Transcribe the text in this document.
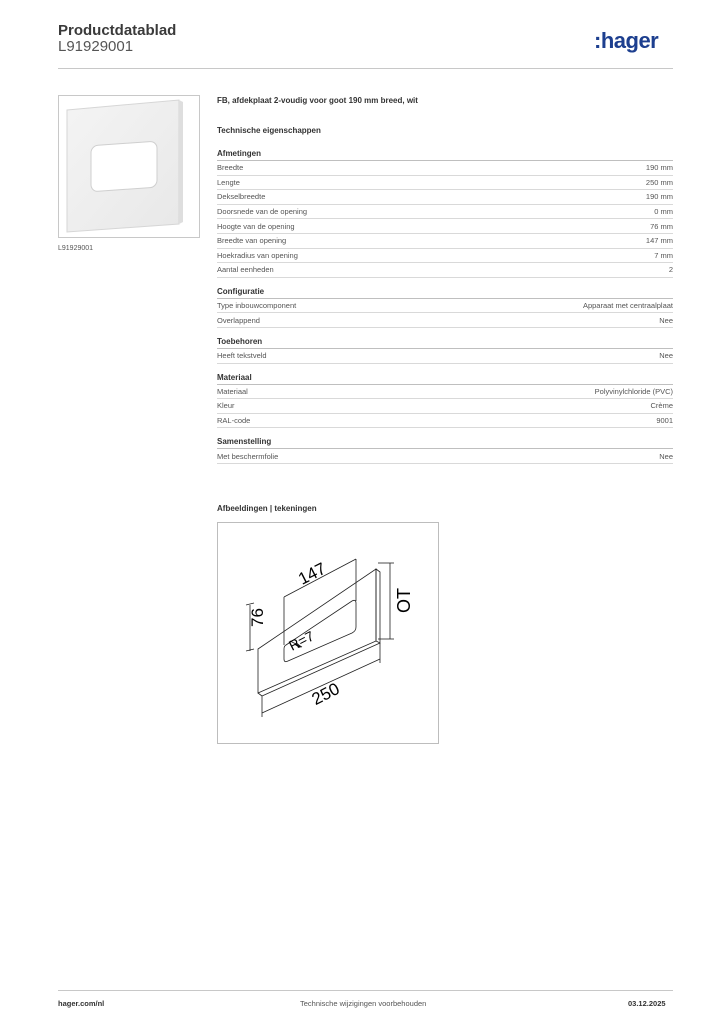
Productdatablad
L91929001	:hager
L91929001
FB, afdekplaat 2-voudig voor goot 190 mm breed, wit
Technische eigenschappen
Afmetingen
Breedte	190 mm
Lengte	250 mm
Dekselbreedte	190 mm
Doorsnede van de opening	0 mm
Hoogte van de opening	76 mm
Breedte van opening	147 mm
Hoekradius van opening	7 mm
Aantal eenheden	2
Configuratie
Type inbouwcomponent	Apparaat met centraalplaat
Overlappend	Nee
Toebehoren
Heeft tekstveld	Nee
Materiaal
Materiaal	Polyvinylchloride (PVC)
Kleur	Crème
RAL-code	9001
Samenstelling
Met beschermfolie	Nee
Afbeeldingen | tekeningen
147
76
R=7
250
OT
hager.com/nl	Technische wijzigingen voorbehouden	03.12.2025
